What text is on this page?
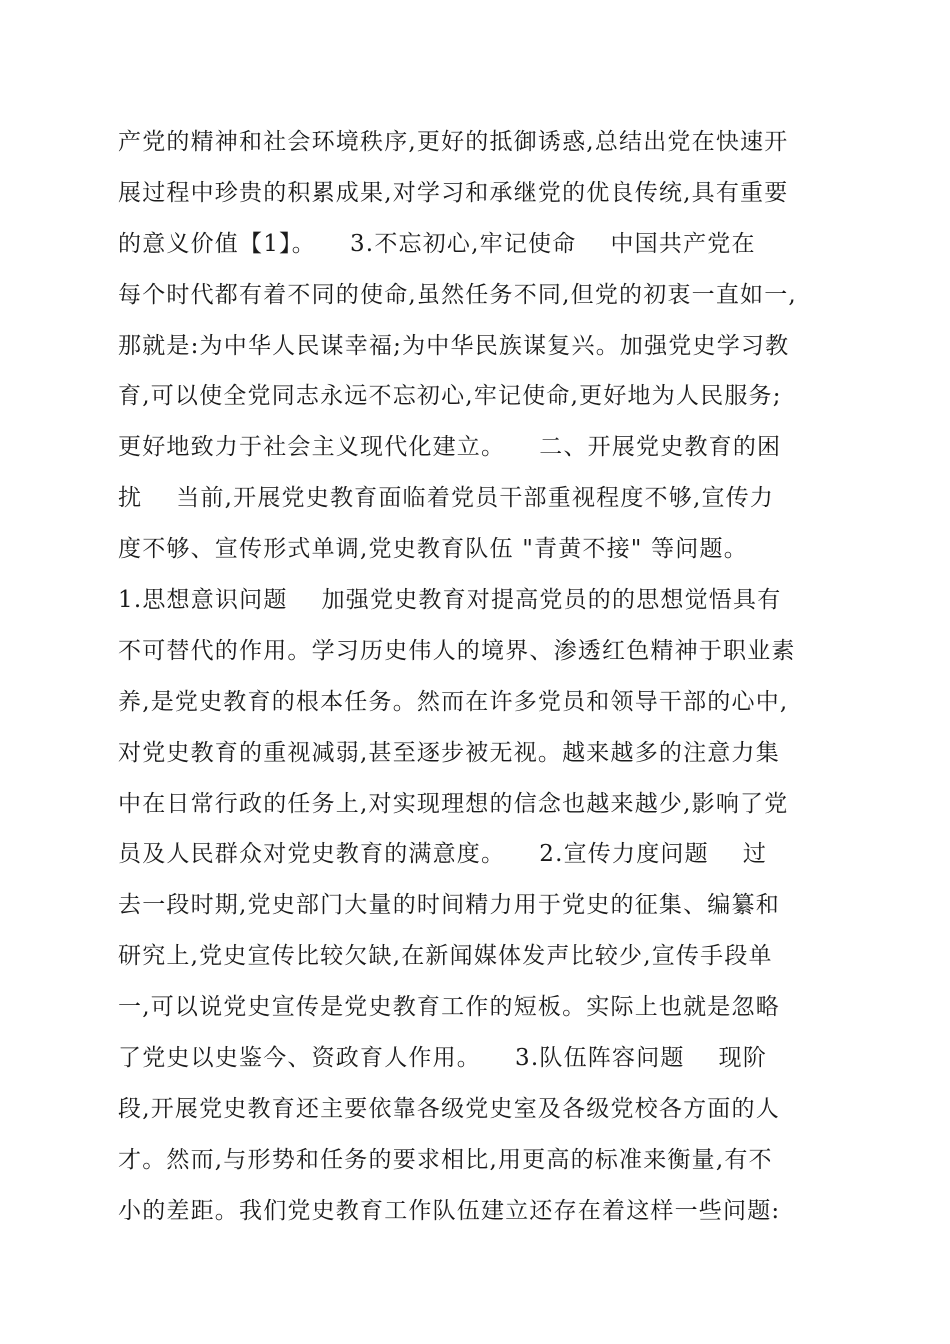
产党的精神和社会环境秩序,更好的抵御诱惑,总结出党在快速开
展过程中珍贵的积累成果,对学习和承继党的优良传统,具有重要
的意义价值【1】。    3.不忘初心,牢记使命    中国共产党在
每个时代都有着不同的使命,虽然任务不同,但党的初衷一直如一,
那就是:为中华人民谋幸福;为中华民族谋复兴。加强党史学习教
育,可以使全党同志永远不忘初心,牢记使命,更好地为人民服务;
更好地致力于社会主义现代化建立。    二、开展党史教育的困
扰    当前,开展党史教育面临着党员干部重视程度不够,宣传力
度不够、宣传形式单调,党史教育队伍 "青黄不接" 等问题。
1.思想意识问题    加强党史教育对提高党员的的思想觉悟具有
不可替代的作用。学习历史伟人的境界、渗透红色精神于职业素
养,是党史教育的根本任务。然而在许多党员和领导干部的心中,
对党史教育的重视减弱,甚至逐步被无视。越来越多的注意力集
中在日常行政的任务上,对实现理想的信念也越来越少,影响了党
员及人民群众对党史教育的满意度。    2.宣传力度问题    过
去一段时期,党史部门大量的时间精力用于党史的征集、编纂和
研究上,党史宣传比较欠缺,在新闻媒体发声比较少,宣传手段单
一,可以说党史宣传是党史教育工作的短板。实际上也就是忽略
了党史以史鉴今、资政育人作用。    3.队伍阵容问题    现阶
段,开展党史教育还主要依靠各级党史室及各级党校各方面的人
才。然而,与形势和任务的要求相比,用更高的标准来衡量,有不
小的差距。我们党史教育工作队伍建立还存在着这样一些问题:
